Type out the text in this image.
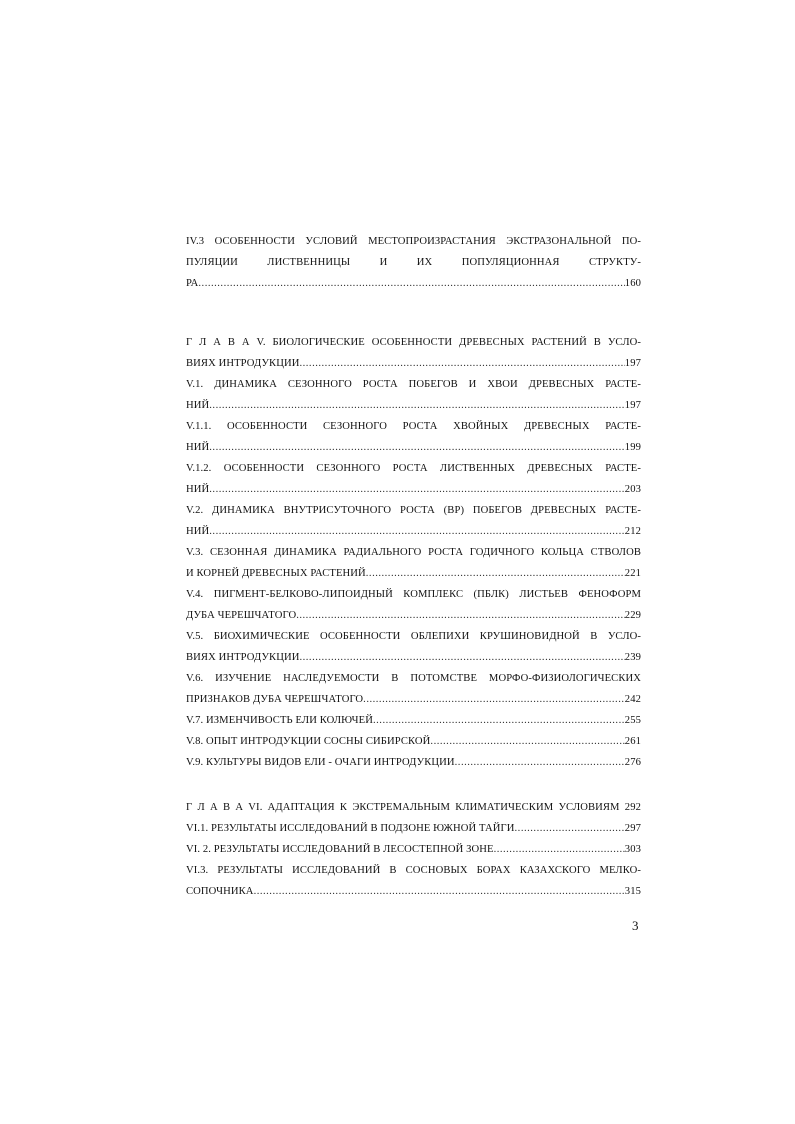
IV.3 ОСОБЕННОСТИ УСЛОВИЙ МЕСТОПРОИЗРАСТАНИЯ ЭКСТРАЗОНАЛЬНОЙ ПО-
ПУЛЯЦИИ ЛИСТВЕННИЦЫ И ИХ ПОПУЛЯЦИОННАЯ СТРУКТУ-
РА .....	160
Г Л А В А V. БИОЛОГИЧЕСКИЕ ОСОБЕННОСТИ ДРЕВЕСНЫХ РАСТЕНИЙ В УСЛО-
ВИЯХ ИНТРОДУКЦИИ .....	197
V.1. ДИНАМИКА СЕЗОННОГО РОСТА ПОБЕГОВ И ХВОИ ДРЕВЕСНЫХ РАСТЕ-
НИЙ .....	197
V.1.1. ОСОБЕННОСТИ СЕЗОННОГО РОСТА ХВОЙНЫХ ДРЕВЕСНЫХ РАСТЕ-
НИЙ .....	199
V.1.2. ОСОБЕННОСТИ СЕЗОННОГО РОСТА ЛИСТВЕННЫХ ДРЕВЕСНЫХ РАСТЕ-
НИЙ .....	203
V.2. ДИНАМИКА ВНУТРИСУТОЧНОГО РОСТА (ВР) ПОБЕГОВ ДРЕВЕСНЫХ РАСТЕ-
НИЙ .....	212
V.3. СЕЗОННАЯ ДИНАМИКА РАДИАЛЬНОГО РОСТА ГОДИЧНОГО КОЛЬЦА СТВОЛОВ
И КОРНЕЙ ДРЕВЕСНЫХ РАСТЕНИЙ .....	221
V.4. ПИГМЕНТ-БЕЛКОВО-ЛИПОИДНЫЙ КОМПЛЕКС (ПБЛК) ЛИСТЬЕВ ФЕНОФОРМ
ДУБА ЧЕРЕШЧАТОГО .....	229
V.5. БИОХИМИЧЕСКИЕ ОСОБЕННОСТИ ОБЛЕПИХИ КРУШИНОВИДНОЙ В УСЛО-
ВИЯХ ИНТРОДУКЦИИ .....	239
V.6. ИЗУЧЕНИЕ НАСЛЕДУЕМОСТИ В ПОТОМСТВЕ МОРФО-ФИЗИОЛОГИЧЕСКИХ
ПРИЗНАКОВ ДУБА ЧЕРЕШЧАТОГО .....	242
V.7. ИЗМЕНЧИВОСТЬ ЕЛИ КОЛЮЧЕЙ .....	255
V.8. ОПЫТ ИНТРОДУКЦИИ СОСНЫ СИБИРСКОЙ .....	261
V.9. КУЛЬТУРЫ ВИДОВ ЕЛИ - ОЧАГИ ИНТРОДУКЦИИ .....	276
Г Л А В А VI. АДАПТАЦИЯ К ЭКСТРЕМАЛЬНЫМ КЛИМАТИЧЕСКИМ УСЛОВИЯМ 292
VI.1. РЕЗУЛЬТАТЫ ИССЛЕДОВАНИЙ В ПОДЗОНЕ ЮЖНОЙ ТАЙГИ .....	297
VI. 2. РЕЗУЛЬТАТЫ ИССЛЕДОВАНИЙ В ЛЕСОСТЕПНОЙ ЗОНЕ .....	303
VI.3. РЕЗУЛЬТАТЫ ИССЛЕДОВАНИЙ В СОСНОВЫХ БОРАХ КАЗАХСКОГО МЕЛКО-
СОПОЧНИКА .....	315
3
